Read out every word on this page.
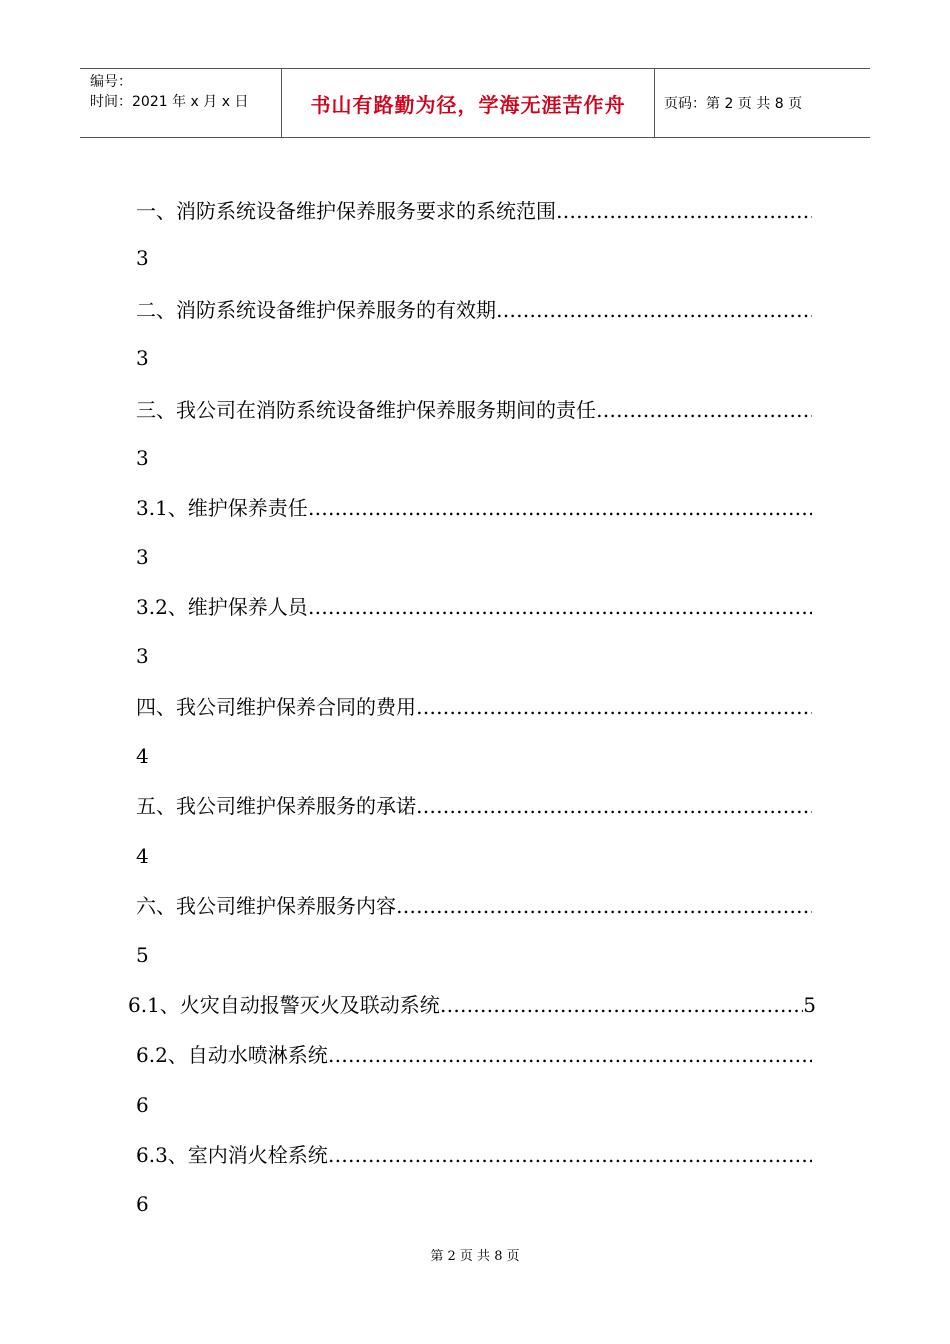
编号：
时间：2021 年 x 月 x 日	书山有路勤为径，学海无涯苦作舟	页码：第 2 页 共 8 页
一、消防系统设备维护保养服务要求的系统范围
…………………………………………………………………………………………………………………………
3
二、消防系统设备维护保养服务的有效期
…………………………………………………………………………………………………………………………
3
三、我公司在消防系统设备维护保养服务期间的责任
…………………………………………………………………………………………………………………………
3
3.1、维护保养责任
…………………………………………………………………………………………………………………………
3
3.2、维护保养人员
…………………………………………………………………………………………………………………………
3
四、我公司维护保养合同的费用
…………………………………………………………………………………………………………………………
4
五、我公司维护保养服务的承诺
…………………………………………………………………………………………………………………………
4
六、我公司维护保养服务内容
…………………………………………………………………………………………………………………………
5
6.1、火灾自动报警灭火及联动系统
…………………………………………………………………………………………………………………………	5
6.2、自动水喷淋系统
…………………………………………………………………………………………………………………………
6
6.3、室内消火栓系统
…………………………………………………………………………………………………………………………
6
第 2 页 共 8 页
